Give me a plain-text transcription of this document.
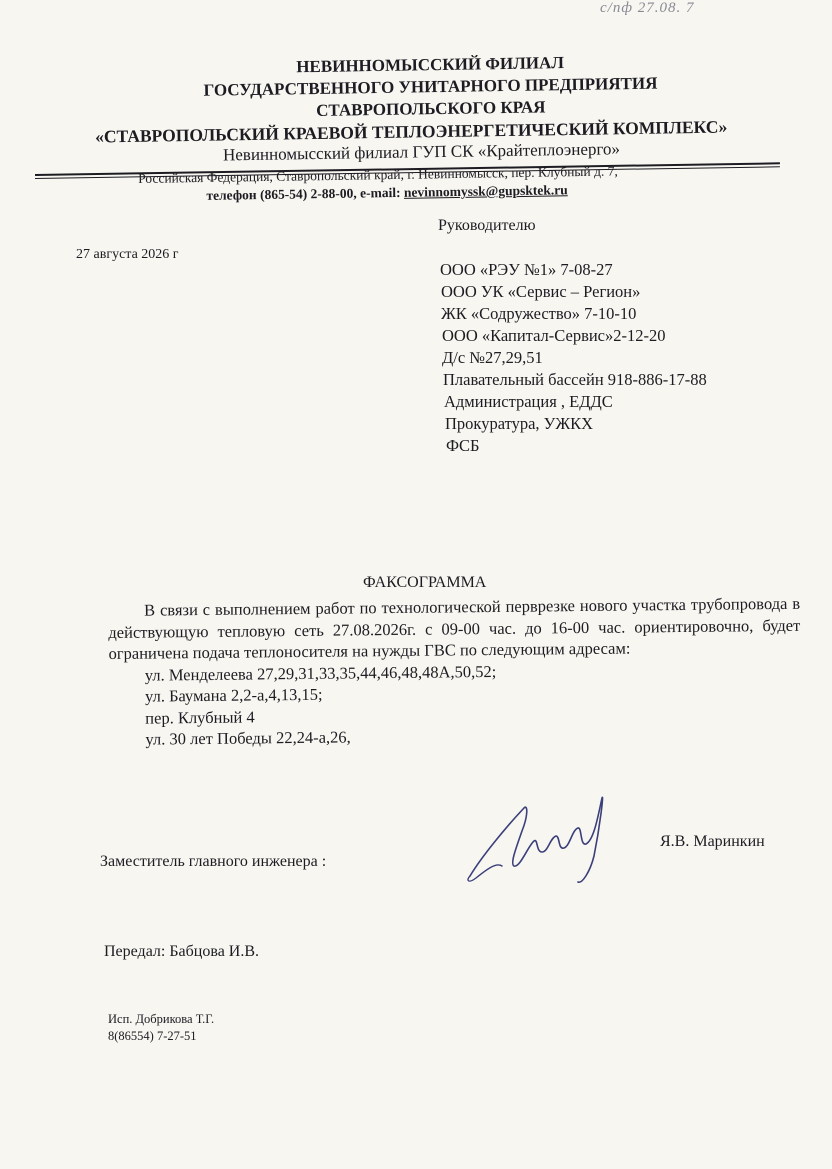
с/пф 27.08. 7
НЕВИННОМЫССКИЙ ФИЛИАЛ
ГОСУДАРСТВЕННОГО УНИТАРНОГО ПРЕДПРИЯТИЯ
СТАВРОПОЛЬСКОГО КРАЯ
«СТАВРОПОЛЬСКИЙ КРАЕВОЙ ТЕПЛОЭНЕРГЕТИЧЕСКИЙ КОМПЛЕКС»
Невинномысский филиал ГУП СК «Крайтеплоэнерго»
Российская Федерация, Ставропольский край, г. Невинномысск, пер. Клубный д. 7,
телефон (865-54) 2-88-00, e-mail: nevinnomyssk@gupsktek.ru
Руководителю
27 августа 2026 г
ООО «РЭУ №1» 7-08-27
ООО УК «Сервис – Регион»
ЖК «Содружество» 7-10-10
ООО «Капитал-Сервис»2-12-20
Д/с №27,29,51
Плавательный бассейн 918-886-17-88
Администрация , ЕДДС
Прокуратура, УЖКХ
ФСБ
ФАКСОГРАММА
В связи с выполнением работ по технологической перврезке нового участка трубопровода в действующую тепловую сеть 27.08.2026г. с 09-00 час. до 16-00 час. ориентировочно, будет ограничена подача теплоносителя на нужды ГВС по следующим адресам:
ул. Менделеева 27,29,31,33,35,44,46,48,48А,50,52;
ул. Баумана 2,2-а,4,13,15;
пер. Клубный 4
ул. 30 лет Победы 22,24-а,26,
Заместитель главного инженера :
Я.В. Маринкин
Передал: Бабцова И.В.
Исп. Добрикова Т.Г.
8(86554) 7-27-51
